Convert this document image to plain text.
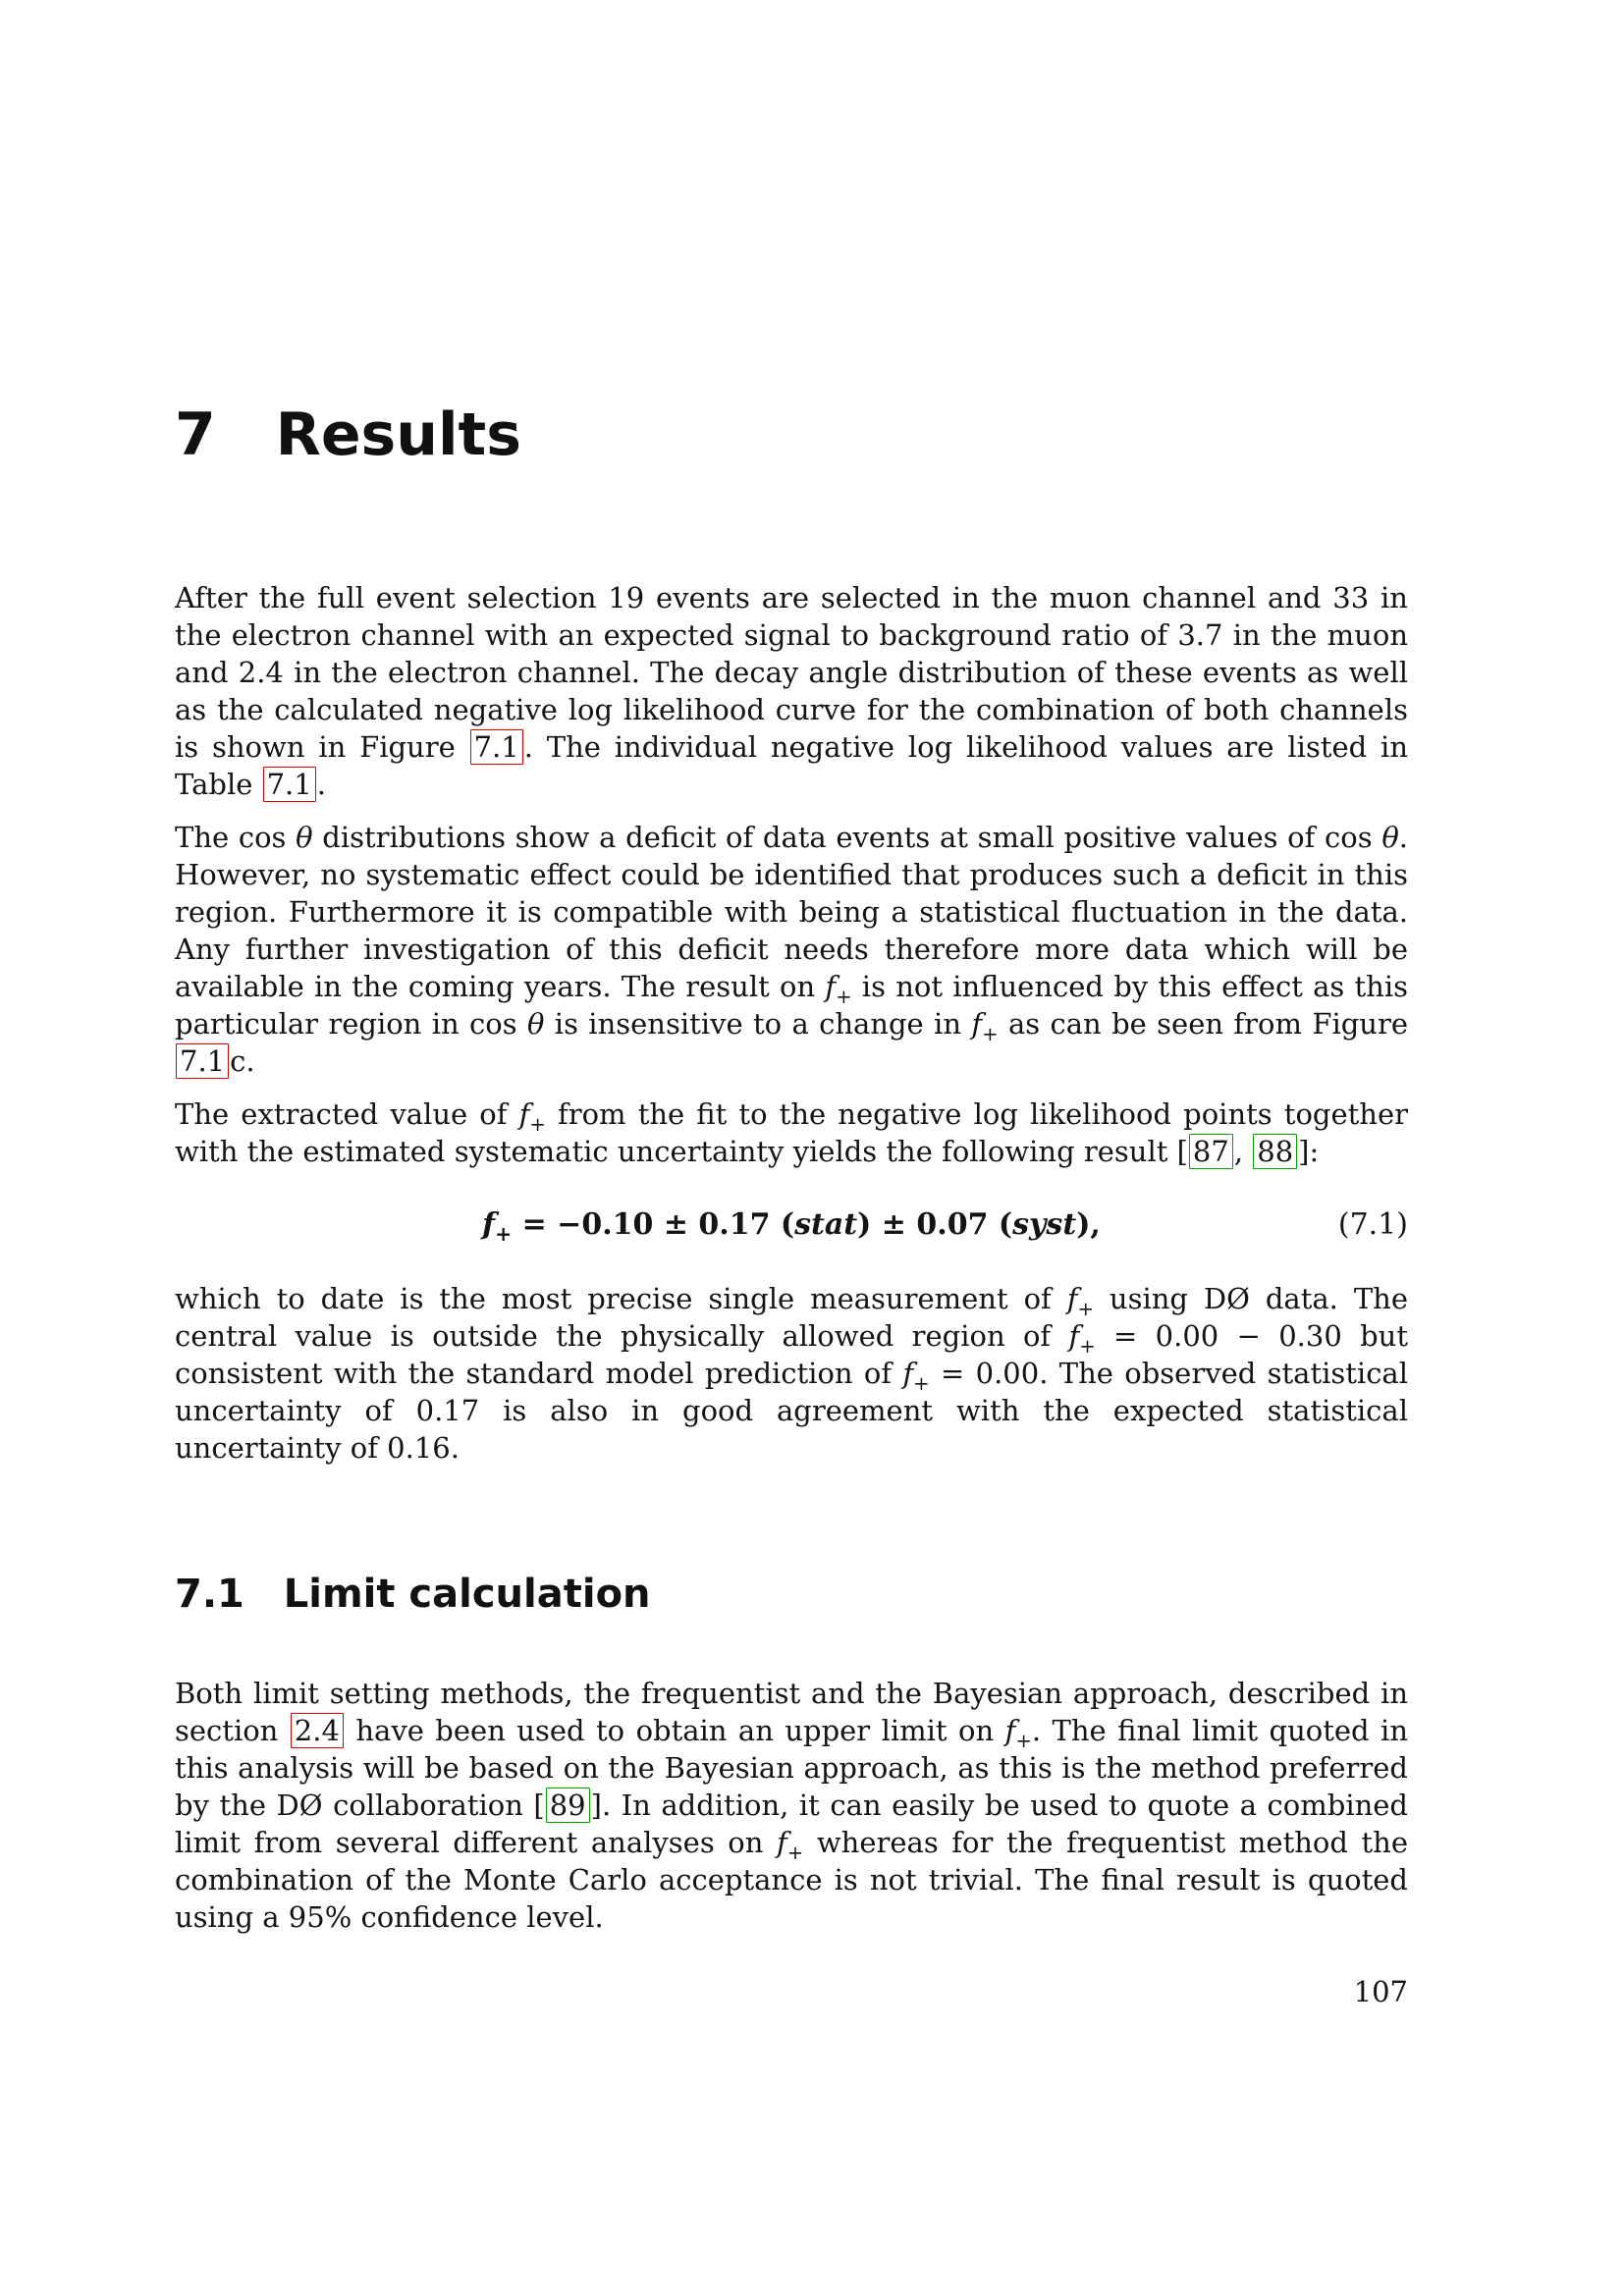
7 Results

After the full event selection 19 events are selected in the muon channel and 33 in the electron channel with an expected signal to background ratio of 3.7 in the muon and 2.4 in the electron channel. The decay angle distribution of these events as well as the calculated negative log likelihood curve for the combination of both channels is shown in Figure 7.1 . The individual negative log likelihood values are listed in Table 7.1 .

The cos θ distributions show a deficit of data events at small positive values of cos θ. However, no systematic effect could be identified that produces such a deficit in this region. Furthermore it is compatible with being a statistical fluctuation in the data. Any further investigation of this deficit needs therefore more data which will be available in the coming years. The result on $f_+$ is not influenced by this effect as this particular region in cos θ is insensitive to a change in $f_+$ as can be seen from Figure 7.1 c.

The extracted value of $f_+$ from the fit to the negative log likelihood points together with the estimated systematic uncertainty yields the following result [ 87 , 88 ]:

$f_+ = -0.10 \pm 0.17$ (stat) ± 0.07 (syst),	(7.1)

which to date is the most precise single measurement of $f_+$ using DØ data. The central value is outside the physically allowed region of $f_+ = 0.00 - 0.30$ but consistent with the standard model prediction of $f_+ = 0.00$. The observed statistical uncertainty of 0.17 is also in good agreement with the expected statistical uncertainty of 0.16.

7.1 Limit calculation

Both limit setting methods, the frequentist and the Bayesian approach, described in section 2.4 have been used to obtain an upper limit on $f_+$. The final limit quoted in this analysis will be based on the Bayesian approach, as this is the method preferred by the DØ collaboration [ 89 ]. In addition, it can easily be used to quote a combined limit from several different analyses on $f_+$ whereas for the frequentist method the combination of the Monte Carlo acceptance is not trivial. The final result is quoted using a 95% confidence level.

107
